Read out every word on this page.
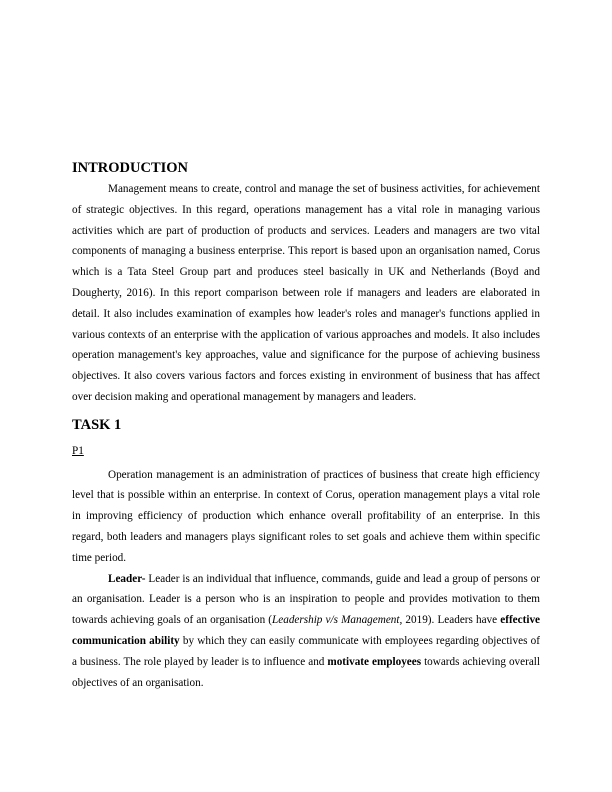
INTRODUCTION

Management means to create, control and manage the set of business activities, for achievement of strategic objectives. In this regard, operations management has a vital role in managing various activities which are part of production of products and services. Leaders and managers are two vital components of managing a business enterprise. This report is based upon an organisation named, Corus which is a Tata Steel Group part and produces steel basically in UK and Netherlands (Boyd and Dougherty, 2016). In this report comparison between role if managers and leaders are elaborated in detail. It also includes examination of examples how leader's roles and manager's functions applied in various contexts of an enterprise with the application of various approaches and models. It also includes operation management's key approaches, value and significance for the purpose of achieving business objectives. It also covers various factors and forces existing in environment of business that has affect over decision making and operational management by managers and leaders.

TASK 1
P1

Operation management is an administration of practices of business that create high efficiency level that is possible within an enterprise. In context of Corus, operation management plays a vital role in improving efficiency of production which enhance overall profitability of an enterprise. In this regard, both leaders and managers plays significant roles to set goals and achieve them within specific time period.

Leader- Leader is an individual that influence, commands, guide and lead a group of persons or an organisation. Leader is a person who is an inspiration to people and provides motivation to them towards achieving goals of an organisation (Leadership v/s Management, 2019). Leaders have effective communication ability by which they can easily communicate with employees regarding objectives of a business. The role played by leader is to influence and motivate employees towards achieving overall objectives of an organisation.
